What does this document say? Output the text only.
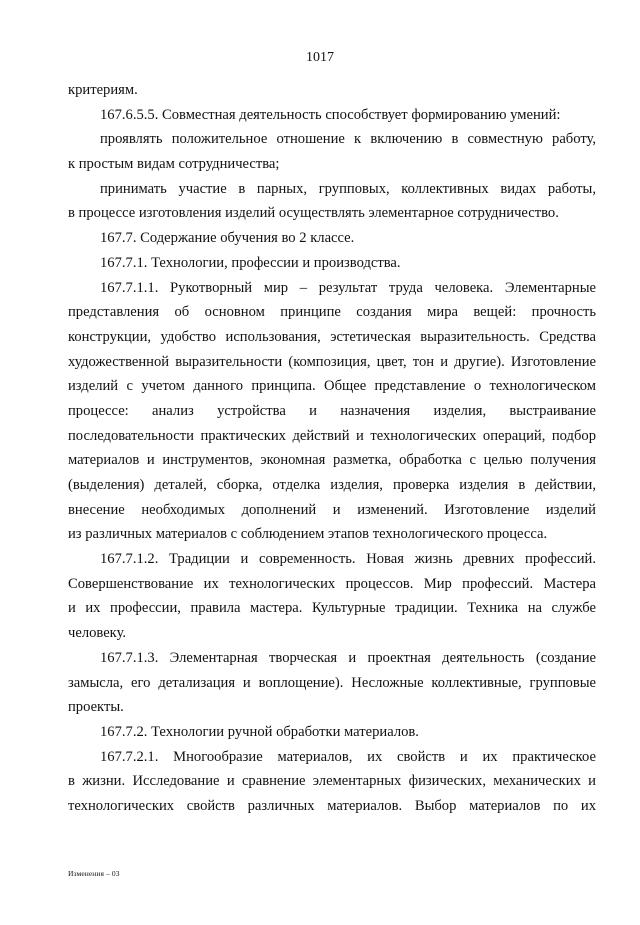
1017
критериям.
167.6.5.5. Совместная деятельность способствует формированию умений:
проявлять положительное отношение к включению в совместную работу,
к простым видам сотрудничества;
принимать участие в парных, групповых, коллективных видах работы,
в процессе изготовления изделий осуществлять элементарное сотрудничество.
167.7. Содержание обучения во 2 классе.
167.7.1. Технологии, профессии и производства.
167.7.1.1. Рукотворный мир – результат труда человека. Элементарные
представления об основном принципе создания мира вещей: прочность
конструкции, удобство использования, эстетическая выразительность. Средства
художественной выразительности (композиция, цвет, тон и другие). Изготовление
изделий с учетом данного принципа. Общее представление о технологическом
процессе: анализ устройства и назначения изделия, выстраивание
последовательности практических действий и технологических операций, подбор
материалов и инструментов, экономная разметка, обработка с целью получения
(выделения) деталей, сборка, отделка изделия, проверка изделия в действии,
внесение необходимых дополнений и изменений. Изготовление изделий
из различных материалов с соблюдением этапов технологического процесса.
167.7.1.2. Традиции и современность. Новая жизнь древних профессий.
Совершенствование их технологических процессов. Мир профессий. Мастера
и их профессии, правила мастера. Культурные традиции. Техника на службе
человеку.
167.7.1.3. Элементарная творческая и проектная деятельность (создание
замысла, его детализация и воплощение). Несложные коллективные, групповые
проекты.
167.7.2. Технологии ручной обработки материалов.
167.7.2.1. Многообразие материалов, их свойств и их практическое
в жизни. Исследование и сравнение элементарных физических, механических и
технологических свойств различных материалов. Выбор материалов по их
Изменения – 03
